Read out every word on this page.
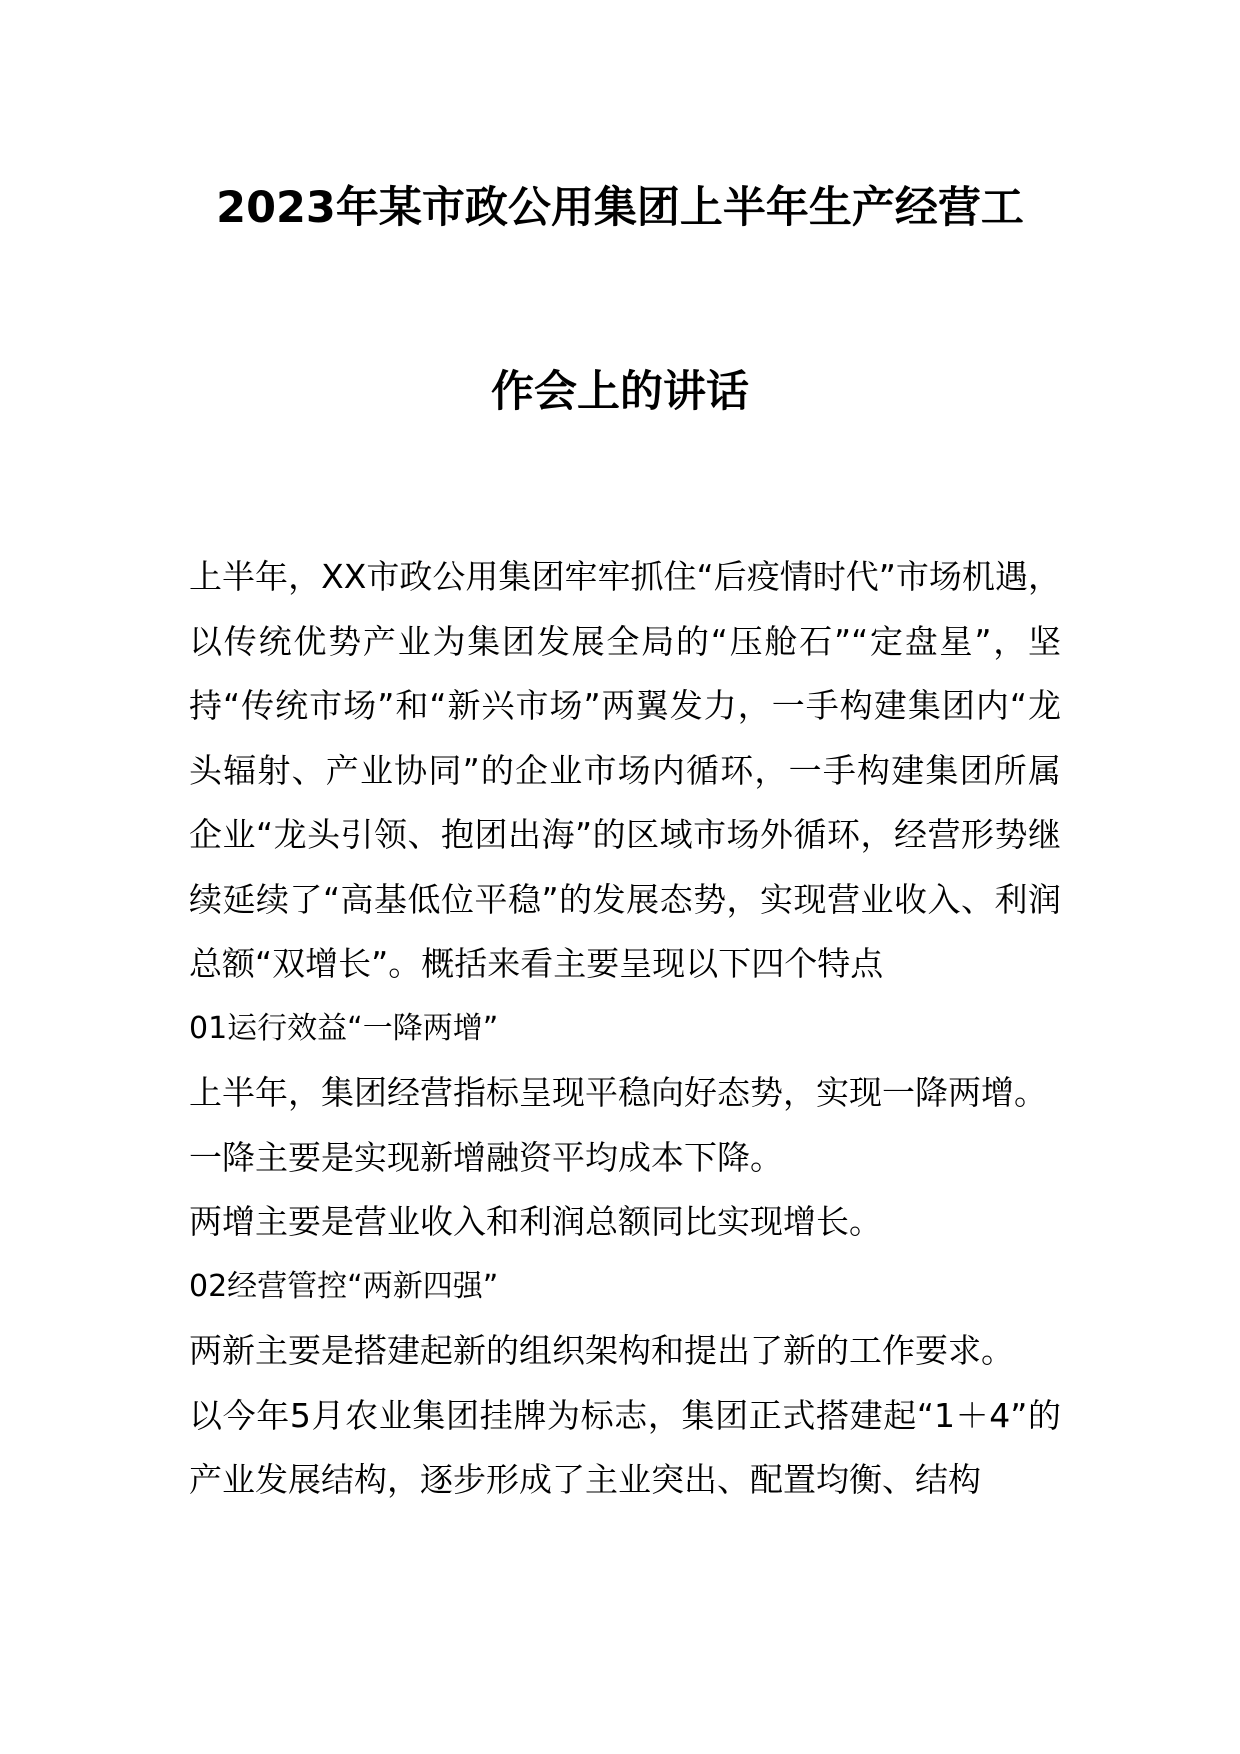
2023年某市政公用集团上半年生产经营工
作会上的讲话

上半年，XX市政公用集团牢牢抓住“后疫情时代”市场机遇，以传统优势产业为集团发展全局的“压舱石”“定盘星”，坚持“传统市场”和“新兴市场”两翼发力，一手构建集团内“龙头辐射、产业协同”的企业市场内循环，一手构建集团所属企业“龙头引领、抱团出海”的区域市场外循环，经营形势继续延续了“高基低位平稳”的发展态势，实现营业收入、利润总额“双增长”。概括来看主要呈现以下四个特点

01运行效益“一降两增”

上半年，集团经营指标呈现平稳向好态势，实现一降两增。

一降主要是实现新增融资平均成本下降。

两增主要是营业收入和利润总额同比实现增长。

02经营管控“两新四强”

两新主要是搭建起新的组织架构和提出了新的工作要求。

以今年5月农业集团挂牌为标志，集团正式搭建起“1＋4”的产业发展结构，逐步形成了主业突出、配置均衡、结构
